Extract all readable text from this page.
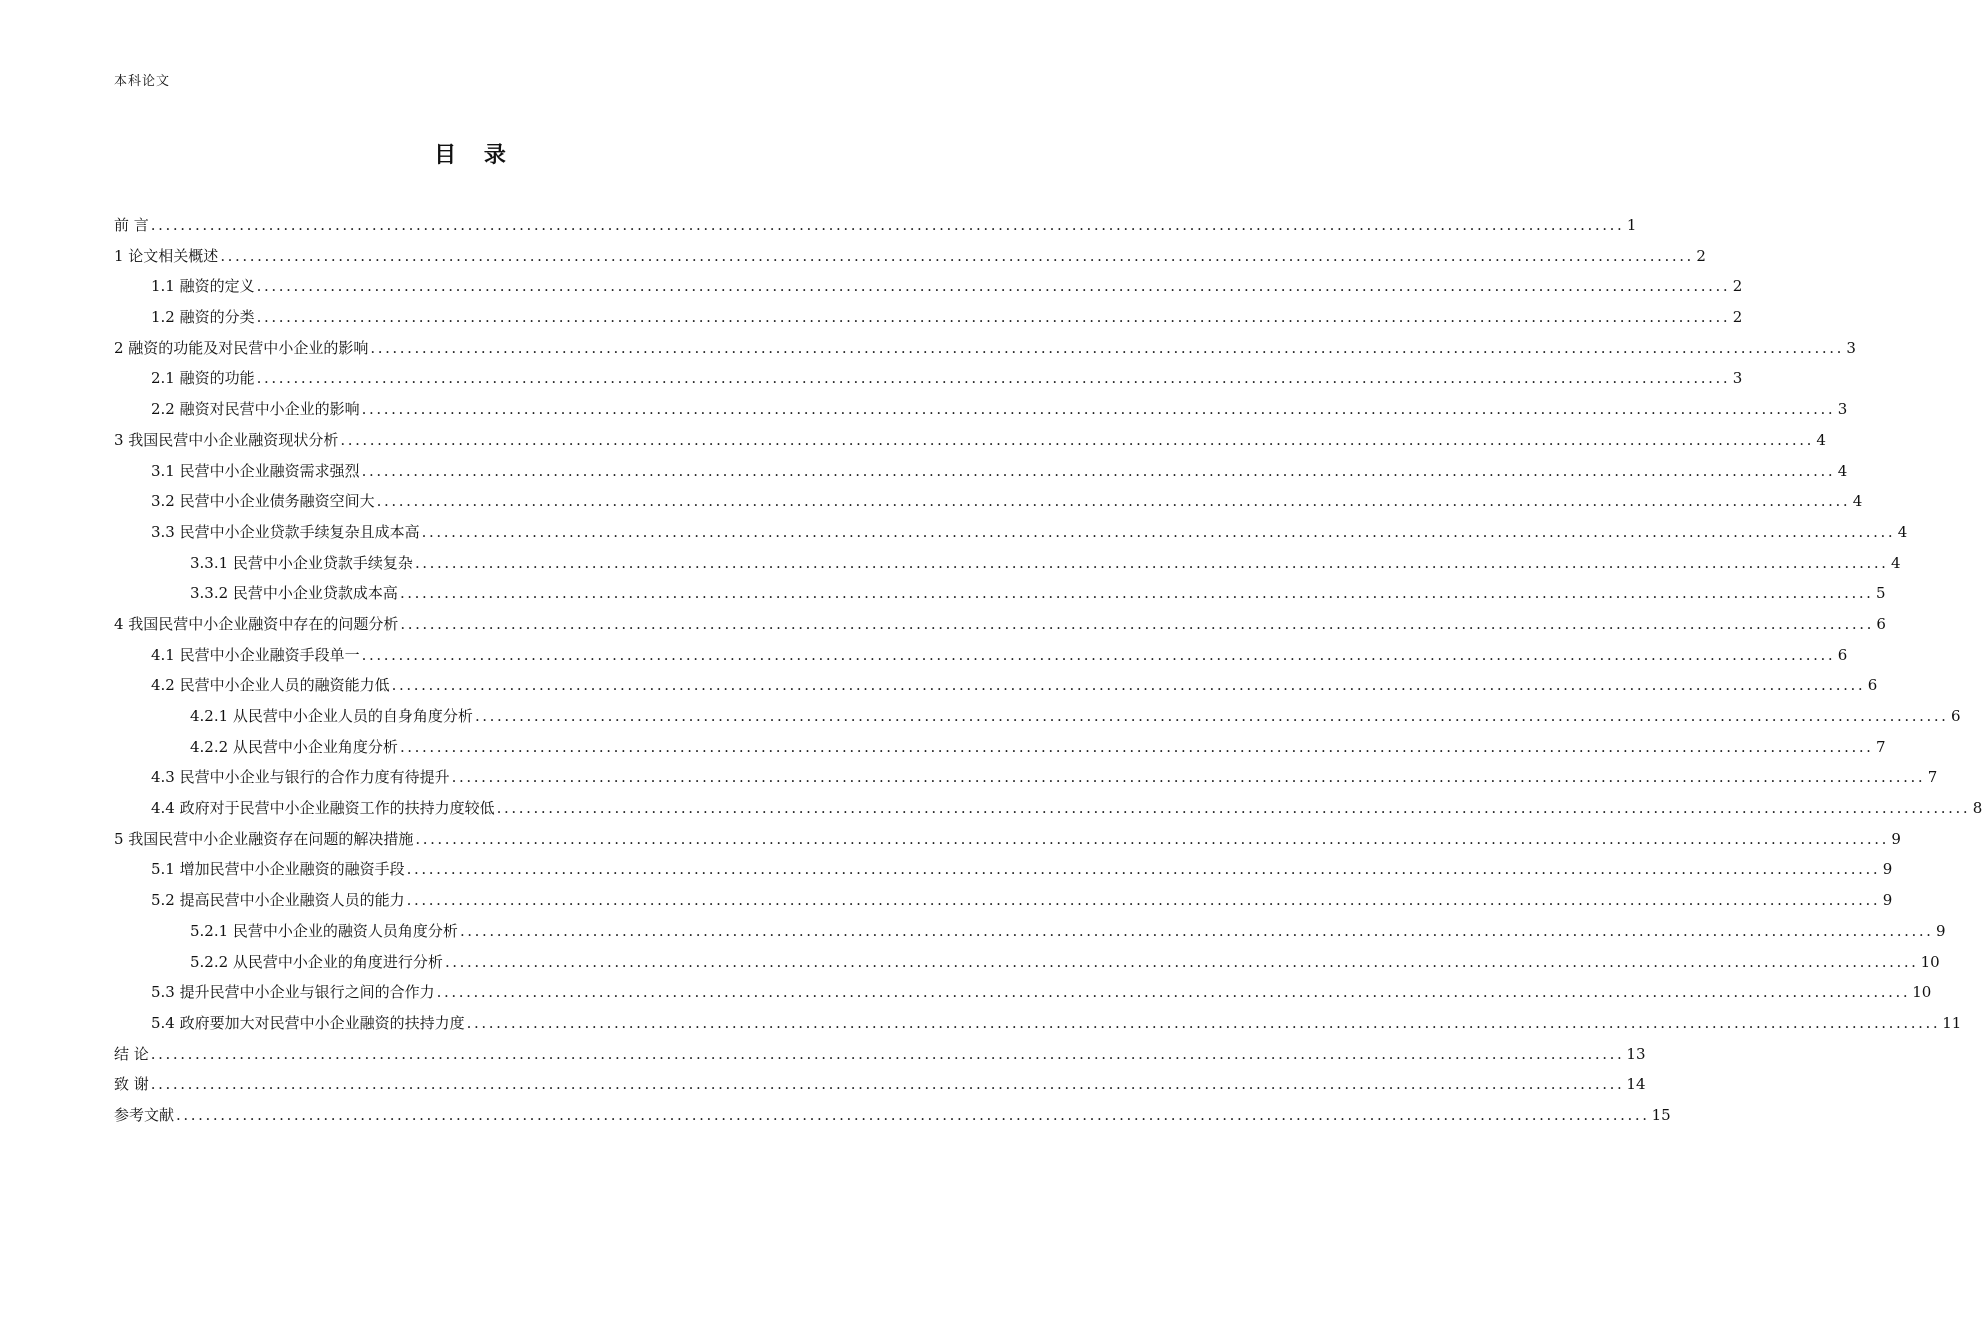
本科论文
目 录
前 言 ........................................................................................................................................................................................................ 1
1 论文相关概述 ........................................................................................................................................................................................................ 2
1.1 融资的定义 ........................................................................................................................................................................................................ 2
1.2 融资的分类 ........................................................................................................................................................................................................ 2
2 融资的功能及对民营中小企业的影响 ........................................................................................................................................................................................................ 3
2.1 融资的功能 ........................................................................................................................................................................................................ 3
2.2 融资对民营中小企业的影响 ........................................................................................................................................................................................................ 3
3 我国民营中小企业融资现状分析 ........................................................................................................................................................................................................ 4
3.1 民营中小企业融资需求强烈 ........................................................................................................................................................................................................ 4
3.2 民营中小企业债务融资空间大 ........................................................................................................................................................................................................ 4
3.3 民营中小企业贷款手续复杂且成本高 ........................................................................................................................................................................................................ 4
3.3.1 民营中小企业贷款手续复杂 ........................................................................................................................................................................................................ 4
3.3.2 民营中小企业贷款成本高 ........................................................................................................................................................................................................ 5
4 我国民营中小企业融资中存在的问题分析 ........................................................................................................................................................................................................ 6
4.1 民营中小企业融资手段单一 ........................................................................................................................................................................................................ 6
4.2 民营中小企业人员的融资能力低 ........................................................................................................................................................................................................ 6
4.2.1 从民营中小企业人员的自身角度分析 ........................................................................................................................................................................................................ 6
4.2.2 从民营中小企业角度分析 ........................................................................................................................................................................................................ 7
4.3 民营中小企业与银行的合作力度有待提升 ........................................................................................................................................................................................................ 7
4.4 政府对于民营中小企业融资工作的扶持力度较低 ........................................................................................................................................................................................................ 8
5 我国民营中小企业融资存在问题的解决措施 ........................................................................................................................................................................................................ 9
5.1 增加民营中小企业融资的融资手段 ........................................................................................................................................................................................................ 9
5.2 提高民营中小企业融资人员的能力 ........................................................................................................................................................................................................ 9
5.2.1 民营中小企业的融资人员角度分析 ........................................................................................................................................................................................................ 9
5.2.2 从民营中小企业的角度进行分析 ........................................................................................................................................................................................................ 10
5.3 提升民营中小企业与银行之间的合作力 ........................................................................................................................................................................................................ 10
5.4 政府要加大对民营中小企业融资的扶持力度 ........................................................................................................................................................................................................ 11
结 论 ........................................................................................................................................................................................................ 13
致 谢 ........................................................................................................................................................................................................ 14
参考文献 ........................................................................................................................................................................................................ 15
